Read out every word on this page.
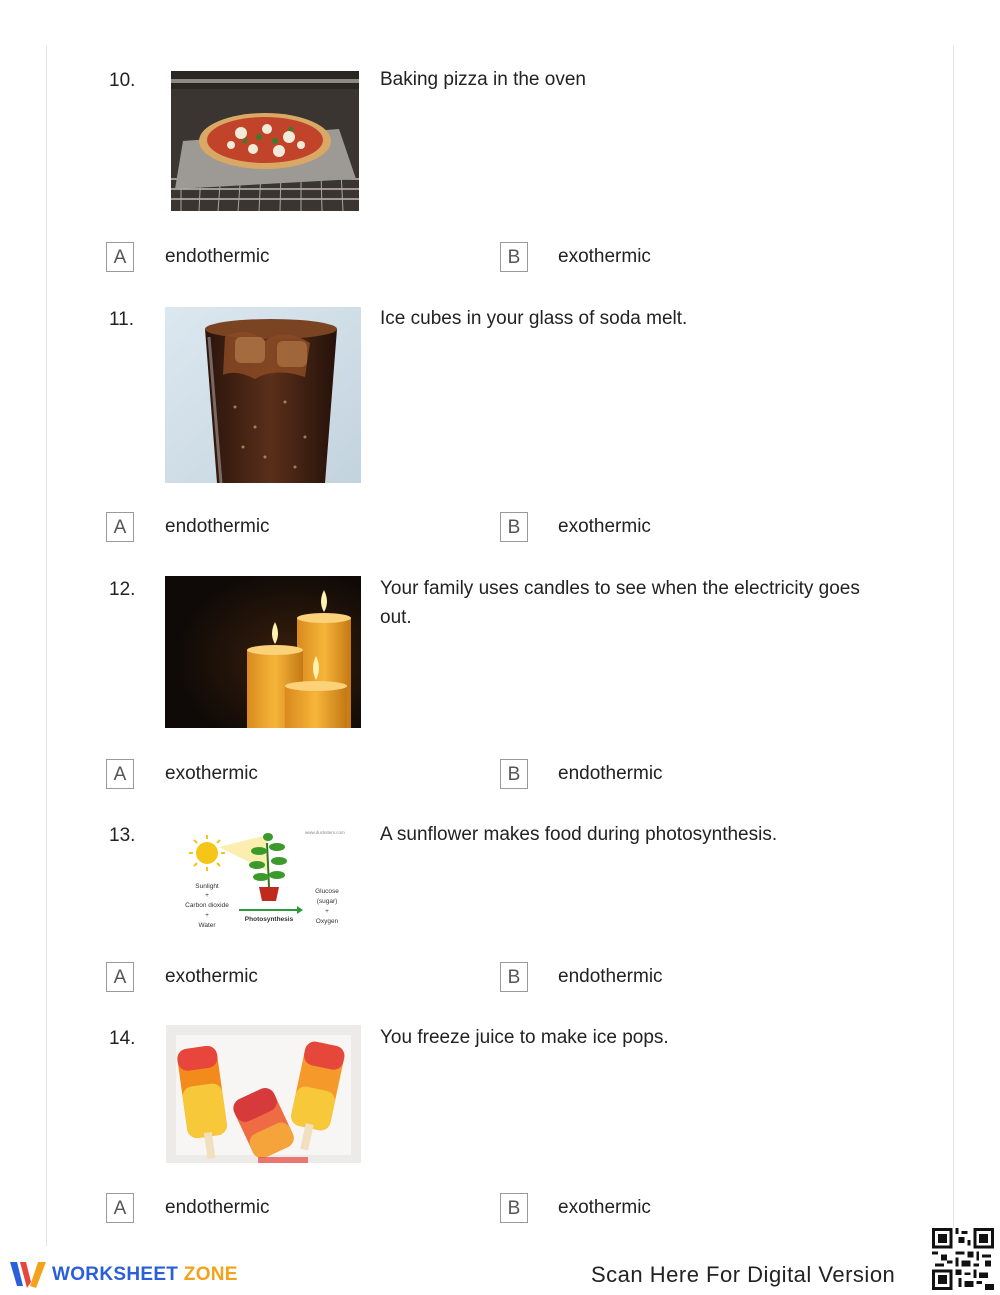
10.	Baking pizza in the oven
A	endothermic	B	exothermic
11.	Ice cubes in your glass of soda melt.
A	endothermic	B	exothermic
12.	Your family uses candles to see when the electricity goes out.
A	exothermic	B	endothermic
13.	www.ducksters.com
Sunlight
+
Carbon dioxide
+
Water
Photosynthesis
Glucose
(sugar)
+
Oxygen
A sunflower makes food during photosynthesis.
A	exothermic	B	endothermic
14.	You freeze juice to make ice pops.
A	endothermic	B	exothermic
WORKSHEET ZONE	Scan Here For Digital Version
